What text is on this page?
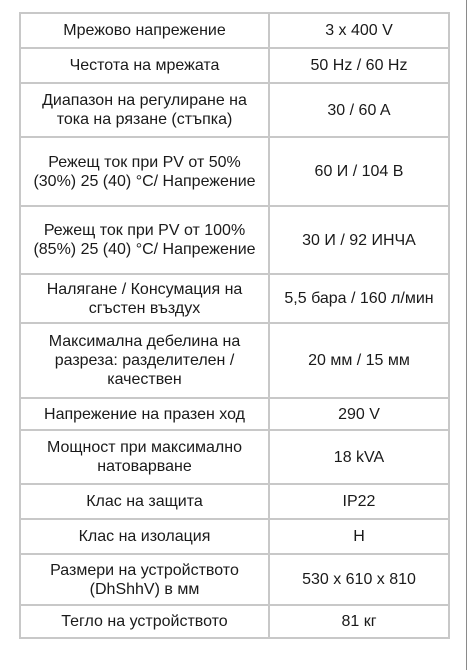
Мрежово напрежение	3 x 400 V
Честота на мрежата	50 Hz / 60 Hz
Диапазон на регулиране на тока на рязане (стъпка)	30 / 60 A
Режещ ток при PV от 50% (30%) 25 (40) °C/ Напрежение	60 И / 104 В
Режещ ток при PV от 100% (85%) 25 (40) °C/ Напрежение	30 И / 92 ИНЧА
Налягане / Консумация на сгъстен въздух	5,5 бара / 160 л/мин
Максимална дебелина на разреза: разделителен / качествен	20 мм / 15 мм
Напрежение на празен ход	290 V
Мощност при максимално натоварване	18 kVA
Клас на защита	IP22
Клас на изолация	H
Размери на устройството (DhShhV) в мм	530 x 610 x 810
Тегло на устройството	81 кг
